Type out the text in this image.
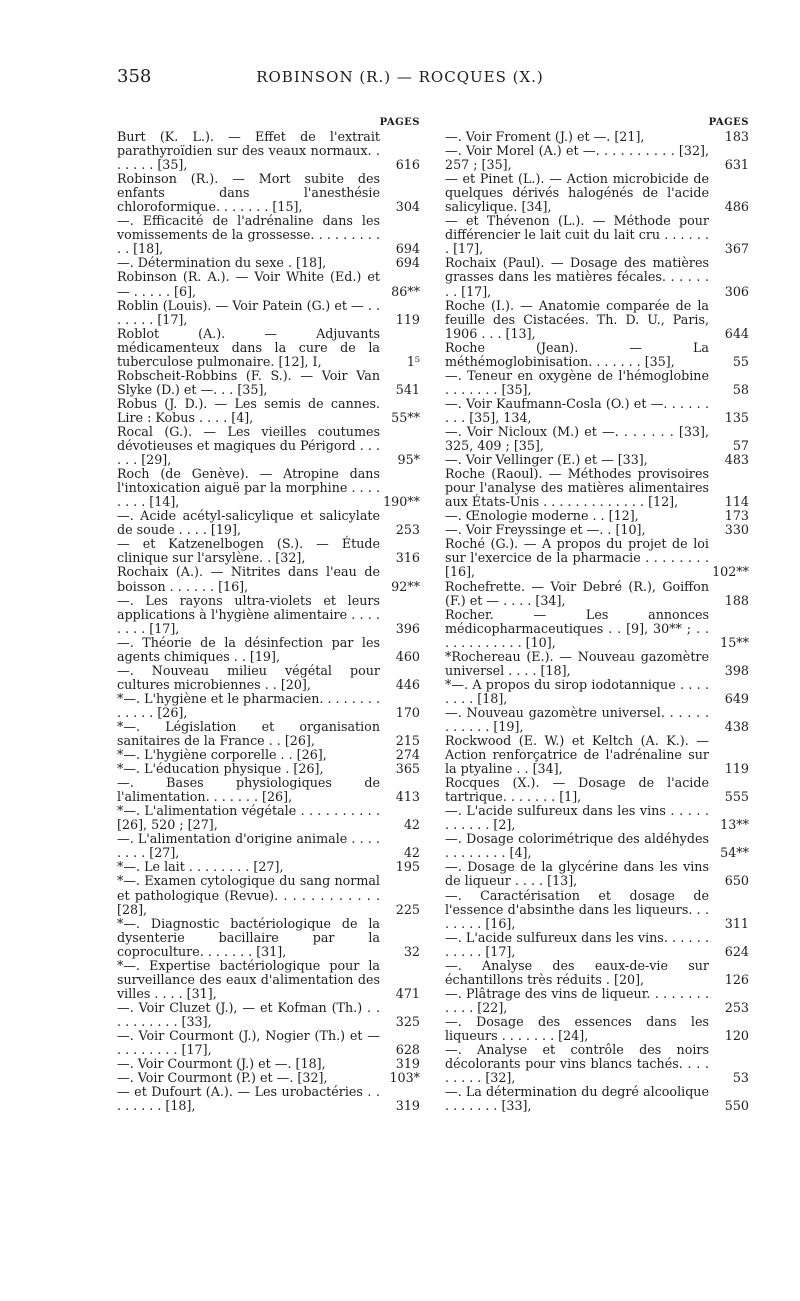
358	ROBINSON (R.) — ROCQUES (X.)
PAGES
Burt (K. L.). — Effet de l'extrait parathyroïdien sur des veaux normaux. . . . . . . [35],	616
Robinson (R.). — Mort subite des enfants dans l'anesthésie chloroformique. . . . . . . [15],	304
—. Efficacité de l'adrénaline dans les vomissements de la grossesse. . . . . . . . . . . [18],	694
—. Détermination du sexe . [18],	694
Robinson (R. A.). — Voir White (Ed.) et — . . . . . [6],	86**
Roblin (Louis). — Voir Patein (G.) et — . . . . . . . [17],	119
Roblot (A.). — Adjuvants médicamenteux dans la cure de la tuberculose pulmonaire. [12], I,	1⁵
Robscheit-Robbins (F. S.). — Voir Van Slyke (D.) et —. . . [35],	541
Robus (J. D.). — Les semis de cannes. Lire : Kobus . . . . [4],	55**
Rocal (G.). — Les vieilles coutumes dévotieuses et magiques du Périgord . . . . . . [29],	95*
Roch (de Genève). — Atropine dans l'intoxication aiguë par la morphine . . . . . . . . [14],	190**
—. Acide acétyl-salicylique et salicylate de soude . . . . [19],	253
— et Katzenelbogen (S.). — Étude clinique sur l'arsylène. . [32],	316
Rochaix (A.). — Nitrites dans l'eau de boisson . . . . . . [16],	92**
—. Les rayons ultra-violets et leurs applications à l'hygiène alimentaire . . . . . . . . [17],	396
—. Théorie de la désinfection par les agents chimiques . . [19],	460
—. Nouveau milieu végétal pour cultures microbiennes . . [20],	446
*—. L'hygiène et le pharmacien. . . . . . . . . . . . . [26],	170
*—. Législation et organisation sanitaires de la France . . [26],	215
*—. L'hygiène corporelle . . [26],	274
*—. L'éducation physique . [26],	365
—. Bases physiologiques de l'alimentation. . . . . . . [26],	413
*—. L'alimentation végétale . . . . . . . . . . [26], 520 ; [27],	42
—. L'alimentation d'origine animale . . . . . . . . [27],	42
*—. Le lait . . . . . . . . [27],	195
*—. Examen cytologique du sang normal et pathologique (Revue). . . . . . . . . . . . [28],	225
*—. Diagnostic bactériologique de la dysenterie bacillaire par la coproculture. . . . . . . [31],	32
*—. Expertise bactériologique pour la surveillance des eaux d'alimentation des villes . . . . [31],	471
—. Voir Cluzet (J.), — et Kofman (Th.) . . . . . . . . . . [33],	325
—. Voir Courmont (J.), Nogier (Th.) et — . . . . . . . . [17],	628
—. Voir Courmont (J.) et —. [18],	319
—. Voir Courmont (P.) et —. [32],	103*
— et Dufourt (A.). — Les urobactéries . . . . . . . . [18],	319
PAGES
—. Voir Froment (J.) et —. [21],	183
—. Voir Morel (A.) et —. . . . . . . . . . [32], 257 ; [35],	631
— et Pinet (L.). — Action microbicide de quelques dérivés halogénés de l'acide salicylique. [34],	486
— et Thévenon (L.). — Méthode pour différencier le lait cuit du lait cru . . . . . . . [17],	367
Rochaix (Paul). — Dosage des matières grasses dans les matières fécales. . . . . . . . [17],	306
Roche (I.). — Anatomie comparée de la feuille des Cistacées. Th. D. U., Paris, 1906 . . . [13],	644
Roche (Jean). — La méthémoglobinisation. . . . . . . [35],	55
—. Teneur en oxygène de l'hémoglobine . . . . . . . [35],	58
—. Voir Kaufmann-Cosla (O.) et —. . . . . . . . . [35], 134,	135
—. Voir Nicloux (M.) et —. . . . . . . [33], 325, 409 ; [35],	57
—. Voir Vellinger (E.) et — [33],	483
Roche (Raoul). — Méthodes provisoires pour l'analyse des matières alimentaires aux États-Unis . . . . . . . . . . . . . [12],	114
—. Œnologie moderne . . [12],	173
—. Voir Freyssinge et —. . [10],	330
Roché (G.). — A propos du projet de loi sur l'exercice de la pharmacie . . . . . . . . [16],	102**
Rochefrette. — Voir Debré (R.), Goiffon (F.) et — . . . . [34],	188
Rocher. — Les annonces médicopharmaceutiques . . [9], 30** ; . . . . . . . . . . . . [10],	15**
*Rochereau (E.). — Nouveau gazomètre universel . . . . [18],	398
*—. A propos du sirop iodotannique . . . . . . . . [18],	649
—. Nouveau gazomètre universel. . . . . . . . . . . . [19],	438
Rockwood (E. W.) et Keltch (A. K.). — Action renforçatrice de l'adrénaline sur la ptyaline . . [34],	119
Rocques (X.). — Dosage de l'acide tartrique. . . . . . . [1],	555
—. L'acide sulfureux dans les vins . . . . . . . . . . . [2],	13**
—. Dosage colorimétrique des aldéhydes . . . . . . . . [4],	54**
—. Dosage de la glycérine dans les vins de liqueur . . . . [13],	650
—. Caractérisation et dosage de l'essence d'absinthe dans les liqueurs. . . . . . . . [16],	311
—. L'acide sulfureux dans les vins. . . . . . . . . . . [17],	624
—. Analyse des eaux-de-vie sur échantillons très réduits . [20],	126
—. Plâtrage des vins de liqueur. . . . . . . . . . . . [22],	253
—. Dosage des essences dans les liqueurs . . . . . . . [24],	120
—. Analyse et contrôle des noirs décolorants pour vins blancs tachés. . . . . . . . . [32],	53
—. La détermination du degré alcoolique . . . . . . . [33],	550
